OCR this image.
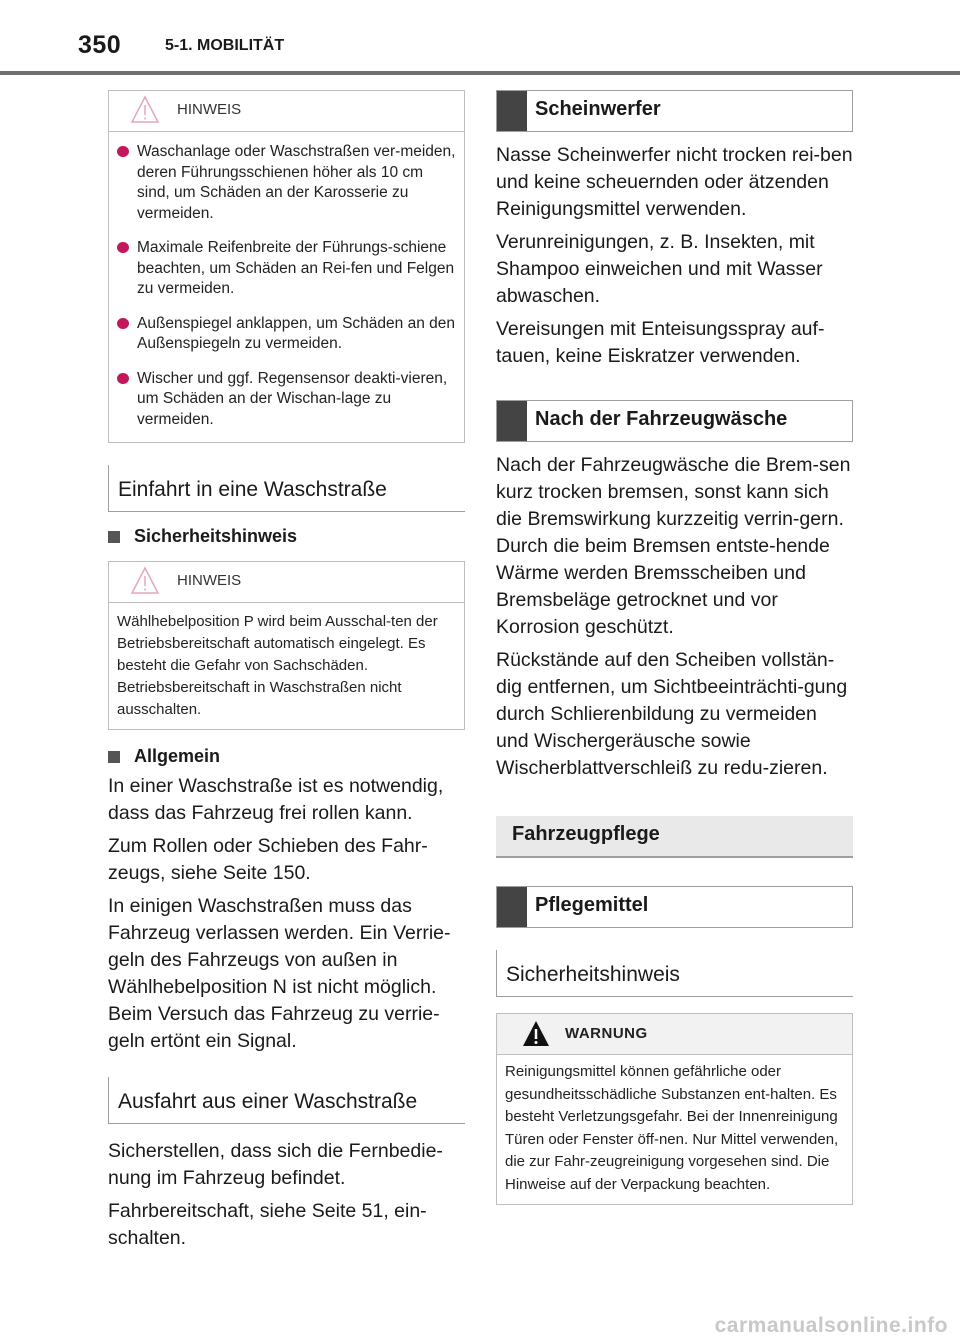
350	5-1. MOBILITÄT
HINWEIS
Waschanlage oder Waschstraßen ver-meiden, deren Führungsschienen höher als 10 cm sind, um Schäden an der Karosserie zu vermeiden.
Maximale Reifenbreite der Führungs-schiene beachten, um Schäden an Rei-fen und Felgen zu vermeiden.
Außenspiegel anklappen, um Schäden an den Außenspiegeln zu vermeiden.
Wischer und ggf. Regensensor deakti-vieren, um Schäden an der Wischan-lage zu vermeiden.
Einfahrt in eine Waschstraße
Sicherheitshinweis
HINWEIS
Wählhebelposition P wird beim Ausschal-ten der Betriebsbereitschaft automatisch eingelegt. Es besteht die Gefahr von Sachschäden. Betriebsbereitschaft in Waschstraßen nicht ausschalten.
Allgemein

In einer Waschstraße ist es notwendig, dass das Fahrzeug frei rollen kann.

Zum Rollen oder Schieben des Fahr-zeugs, siehe Seite 150.

In einigen Waschstraßen muss das Fahrzeug verlassen werden. Ein Verrie-geln des Fahrzeugs von außen in Wählhebelposition N ist nicht möglich. Beim Versuch das Fahrzeug zu verrie-geln ertönt ein Signal.

Ausfahrt aus einer Waschstraße

Sicherstellen, dass sich die Fernbedie-nung im Fahrzeug befindet.

Fahrbereitschaft, siehe Seite 51, ein-schalten.

Scheinwerfer

Nasse Scheinwerfer nicht trocken rei-ben und keine scheuernden oder ätzenden Reinigungsmittel verwenden.

Verunreinigungen, z. B. Insekten, mit Shampoo einweichen und mit Wasser abwaschen.

Vereisungen mit Enteisungsspray auf-tauen, keine Eiskratzer verwenden.

Nach der Fahrzeugwäsche

Nach der Fahrzeugwäsche die Brem-sen kurz trocken bremsen, sonst kann sich die Bremswirkung kurzzeitig verrin-gern. Durch die beim Bremsen entste-hende Wärme werden Bremsscheiben und Bremsbeläge getrocknet und vor Korrosion geschützt.

Rückstände auf den Scheiben vollstän-dig entfernen, um Sichtbeeinträchti-gung durch Schlierenbildung zu vermeiden und Wischergeräusche sowie Wischerblattverschleiß zu redu-zieren.

Fahrzeugpflege
Pflegemittel
Sicherheitshinweis
WARNUNG
Reinigungsmittel können gefährliche oder gesundheitsschädliche Substanzen ent-halten. Es besteht Verletzungsgefahr. Bei der Innenreinigung Türen oder Fenster öff-nen. Nur Mittel verwenden, die zur Fahr-zeugreinigung vorgesehen sind. Die Hinweise auf der Verpackung beachten.
carmanualsonline.info
